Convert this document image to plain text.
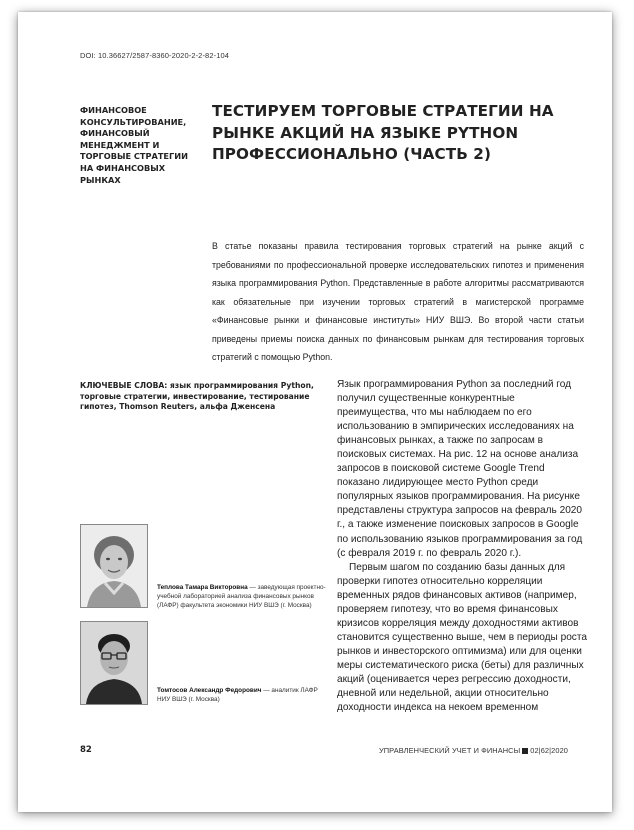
DOI: 10.36627/2587-8360-2020-2-2-82-104
ФИНАНСОВОЕ КОНСУЛЬТИРОВАНИЕ, ФИНАНСОВЫЙ МЕНЕДЖМЕНТ И ТОРГОВЫЕ СТРАТЕГИИ НА ФИНАНСОВЫХ РЫНКАХ
ТЕСТИРУЕМ ТОРГОВЫЕ СТРАТЕГИИ НА РЫНКЕ АКЦИЙ НА ЯЗЫКЕ PYTHON ПРОФЕССИОНАЛЬНО (ЧАСТЬ 2)
В статье показаны правила тестирования торговых стратегий на рынке акций с требованиями по профессиональной проверке исследовательских гипотез и применения языка программирования Python. Представленные в работе алгоритмы рассматриваются как обязательные при изучении торговых стратегий в магистерской программе «Финансовые рынки и финансовые институты» НИУ ВШЭ. Во второй части статьи приведены приемы поиска данных по финансовым рынкам для тестирования торговых стратегий с помощью Python.
КЛЮЧЕВЫЕ СЛОВА: язык программирования Python, торговые стратегии, инвестирование, тестирование гипотез, Thomson Reuters, альфа Дженсена
Теплова Тамара Викторовна — заведующая проектно-учебной лабораторией анализа финансовых рынков (ЛАФР) факультета экономики НИУ ВШЭ (г. Москва)
Томтосов Александр Федорович — аналитик ЛАФР НИУ ВШЭ (г. Москва)

Язык программирования Python за последний год получил существенные конкурентные преимущества, что мы наблюдаем по его использованию в эмпирических исследованиях на финансовых рынках, а также по запросам в поисковых системах. На рис. 12 на основе анализа запросов в поисковой системе Google Trend показано лидирующее место Python среди популярных языков программирования. На рисунке представлены структура запросов на февраль 2020 г., а также изменение поисковых запросов в Google по использованию языков программирования за год (с февраля 2019 г. по февраль 2020 г.).

Первым шагом по созданию базы данных для проверки гипотез относительно корреляции временных рядов финансовых активов (например, проверяем гипотезу, что во время финансовых кризисов корреляция между доходностями активов становится существенно выше, чем в периоды роста рынков и инвесторского оптимизма) или для оценки меры систематического риска (беты) для различных акций (оценивается через регрессию доходности, дневной или недельной, акции относительно доходности индекса на некоем временном

82	УПРАВЛЕНЧЕСКИЙ УЧЕТ И ФИНАНСЫ 02|62|2020
